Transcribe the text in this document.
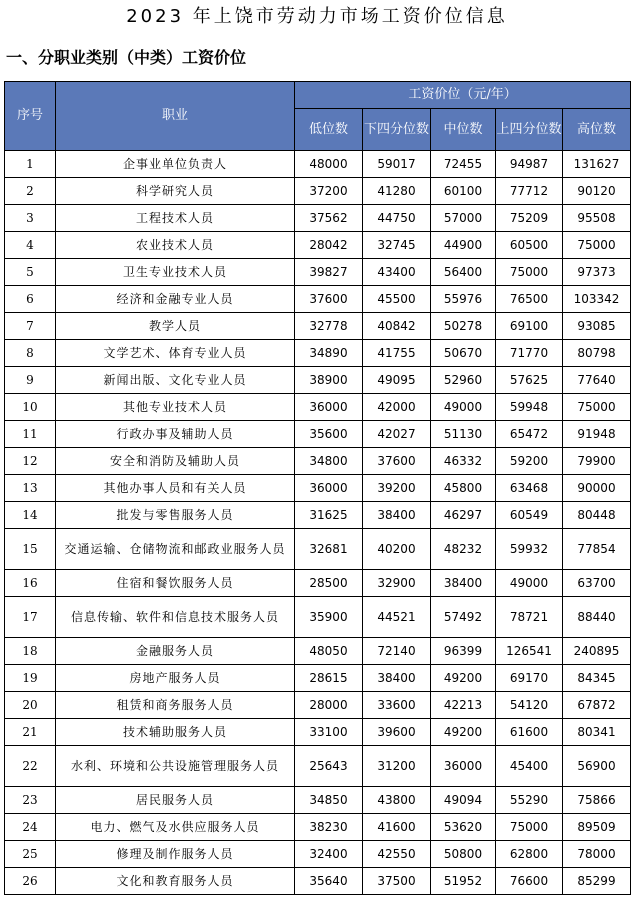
2023 年上饶市劳动力市场工资价位信息
一、分职业类别（中类）工资价位
序号	职业	工资价位（元/年）				
		低位数	下四分位数	中位数	上四分位数	高位数
1	企事业单位负责人	48000	59017	72455	94987	131627
2	科学研究人员	37200	41280	60100	77712	90120
3	工程技术人员	37562	44750	57000	75209	95508
4	农业技术人员	28042	32745	44900	60500	75000
5	卫生专业技术人员	39827	43400	56400	75000	97373
6	经济和金融专业人员	37600	45500	55976	76500	103342
7	教学人员	32778	40842	50278	69100	93085
8	文学艺术、体育专业人员	34890	41755	50670	71770	80798
9	新闻出版、文化专业人员	38900	49095	52960	57625	77640
10	其他专业技术人员	36000	42000	49000	59948	75000
11	行政办事及辅助人员	35600	42027	51130	65472	91948
12	安全和消防及辅助人员	34800	37600	46332	59200	79900
13	其他办事人员和有关人员	36000	39200	45800	63468	90000
14	批发与零售服务人员	31625	38400	46297	60549	80448
15	交通运输、仓储物流和邮政业服务人员	32681	40200	48232	59932	77854
16	住宿和餐饮服务人员	28500	32900	38400	49000	63700
17	信息传输、软件和信息技术服务人员	35900	44521	57492	78721	88440
18	金融服务人员	48050	72140	96399	126541	240895
19	房地产服务人员	28615	38400	49200	69170	84345
20	租赁和商务服务人员	28000	33600	42213	54120	67872
21	技术辅助服务人员	33100	39600	49200	61600	80341
22	水利、环境和公共设施管理服务人员	25643	31200	36000	45400	56900
23	居民服务人员	34850	43800	49094	55290	75866
24	电力、燃气及水供应服务人员	38230	41600	53620	75000	89509
25	修理及制作服务人员	32400	42550	50800	62800	78000
26	文化和教育服务人员	35640	37500	51952	76600	85299
